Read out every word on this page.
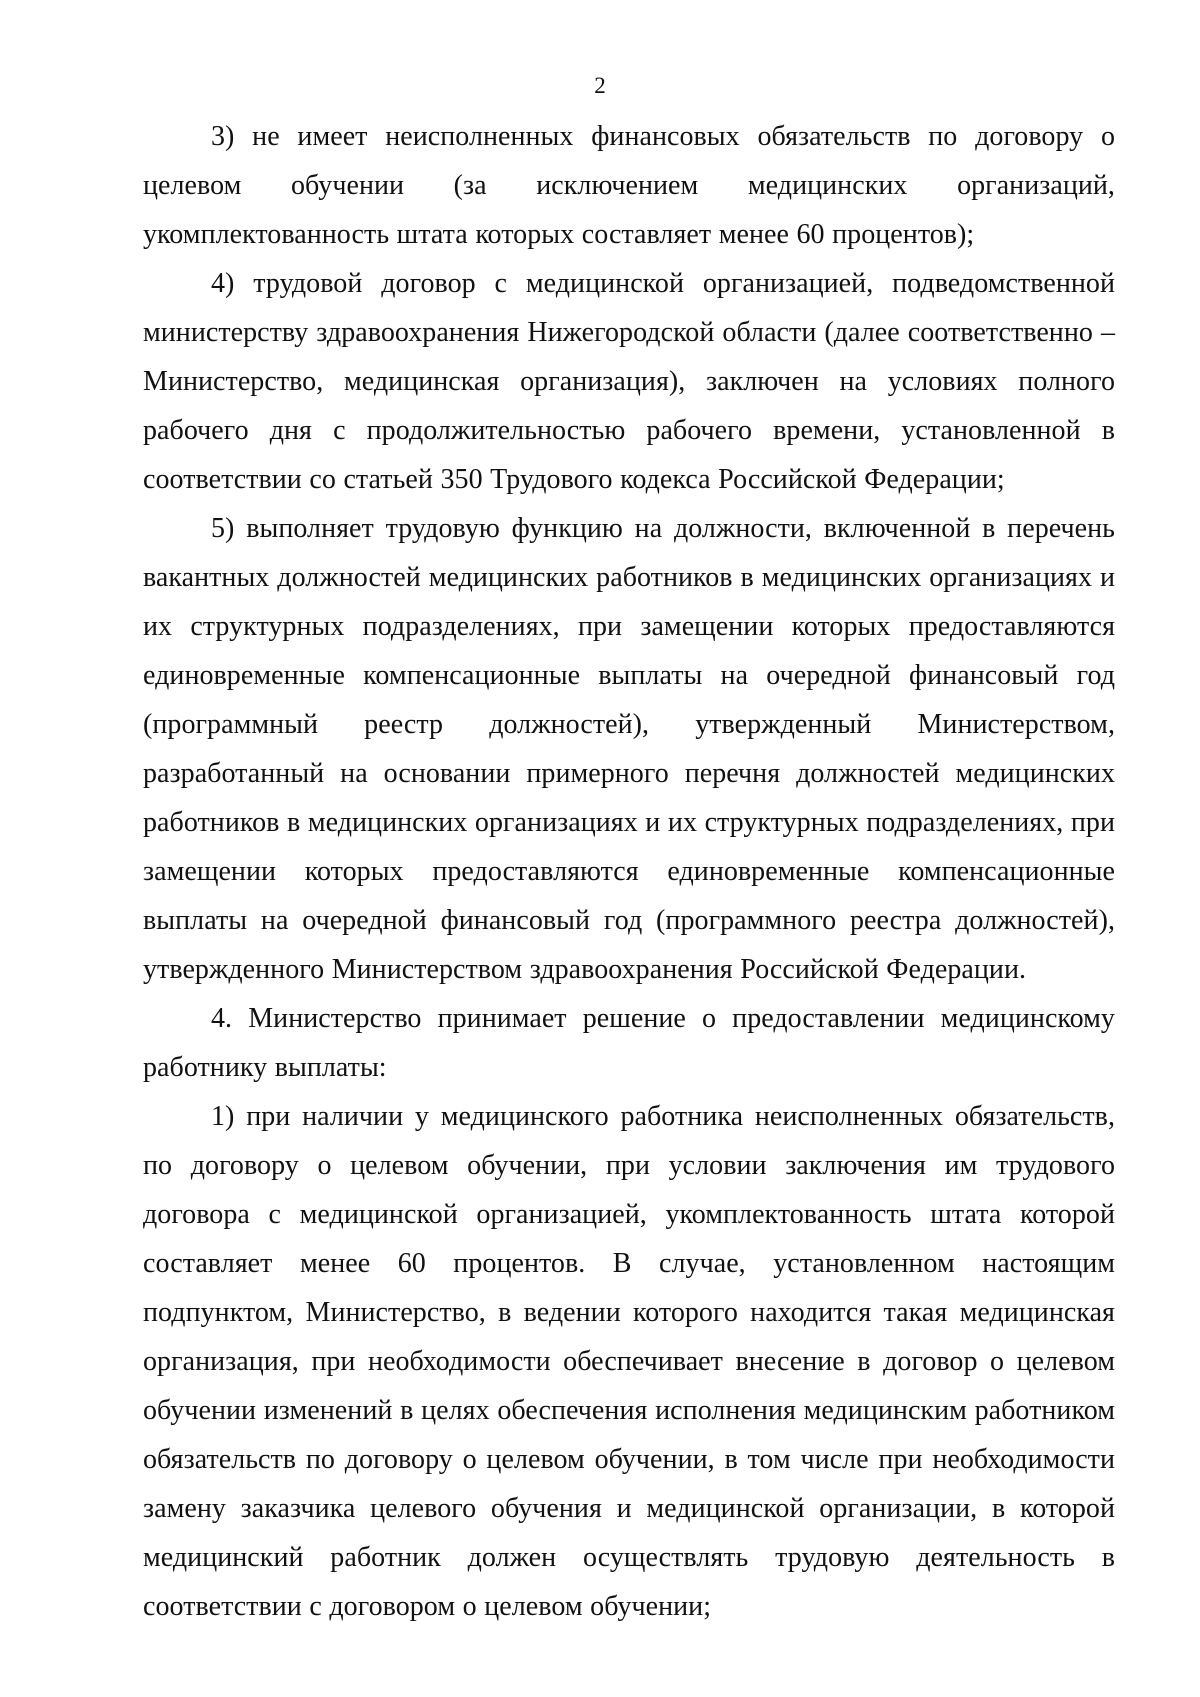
2

3) не имеет неисполненных финансовых обязательств по договору о целевом обучении (за исключением медицинских организаций, укомплектованность штата которых составляет менее 60 процентов);

4) трудовой договор с медицинской организацией, подведомственной министерству здравоохранения Нижегородской области (далее соответственно – Министерство, медицинская организация), заключен на условиях полного рабочего дня с продолжительностью рабочего времени, установленной в соответствии со статьей 350 Трудового кодекса Российской Федерации;

5) выполняет трудовую функцию на должности, включенной в перечень вакантных должностей медицинских работников в медицинских организациях и их структурных подразделениях, при замещении которых предоставляются единовременные компенсационные выплаты на очередной финансовый год (программный реестр должностей), утвержденный Министерством, разработанный на основании примерного перечня должностей медицинских работников в медицинских организациях и их структурных подразделениях, при замещении которых предоставляются единовременные компенсационные выплаты на очередной финансовый год (программного реестра должностей), утвержденного Министерством здравоохранения Российской Федерации.

4. Министерство принимает решение о предоставлении медицинскому работнику выплаты:

1) при наличии у медицинского работника неисполненных обязательств, по договору о целевом обучении, при условии заключения им трудового договора с медицинской организацией, укомплектованность штата которой составляет менее 60 процентов. В случае, установленном настоящим подпунктом, Министерство, в ведении которого находится такая медицинская организация, при необходимости обеспечивает внесение в договор о целевом обучении изменений в целях обеспечения исполнения медицинским работником обязательств по договору о целевом обучении, в том числе при необходимости замену заказчика целевого обучения и медицинской организации, в которой медицинский работник должен осуществлять трудовую деятельность в соответствии с договором о целевом обучении;
